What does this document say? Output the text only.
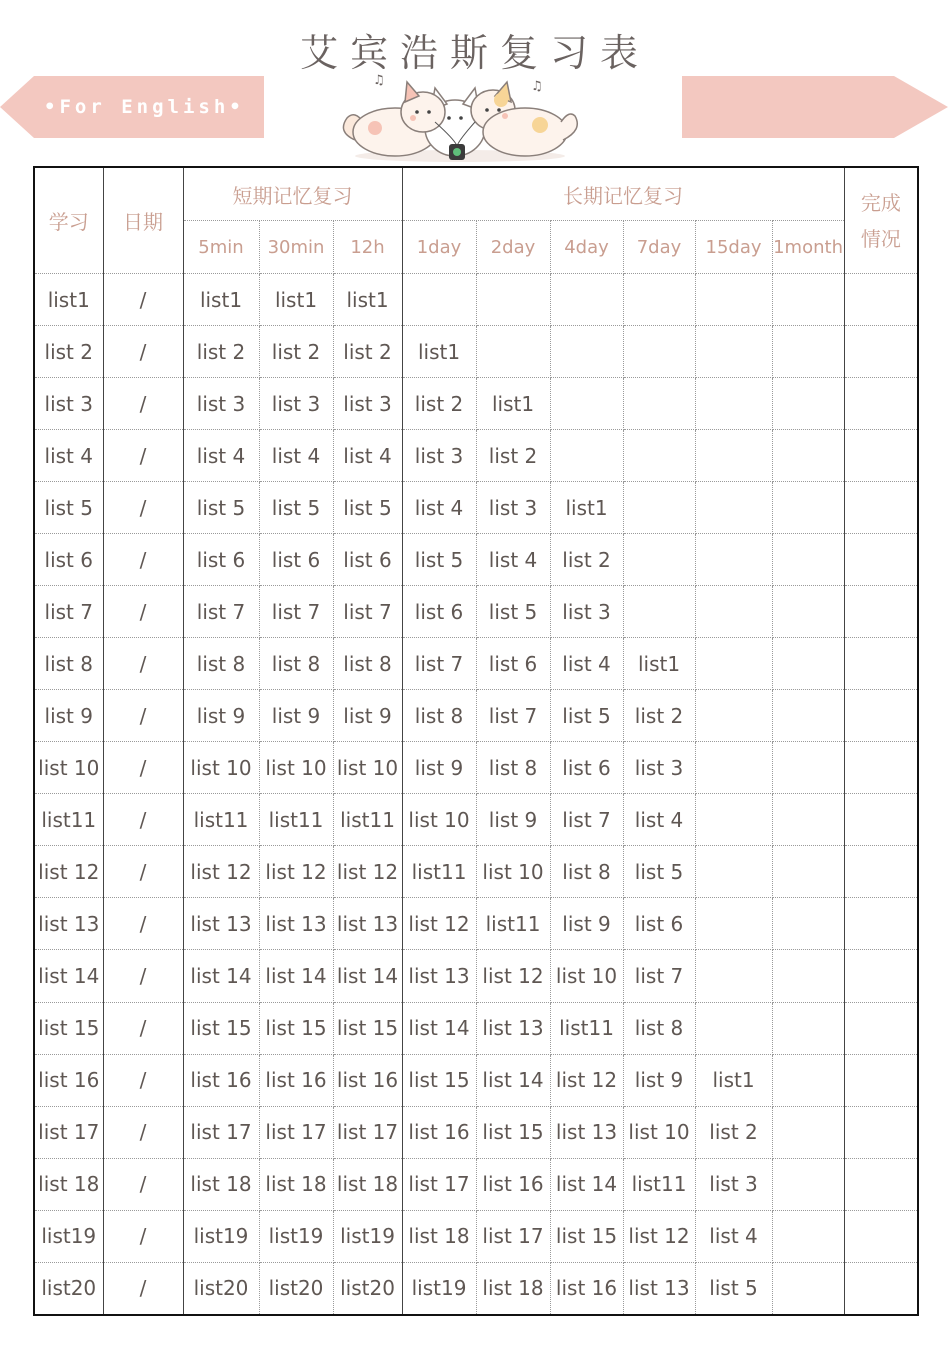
艾宾浩斯复习表
•For English•
♫	♫
学习	日期	短期记忆复习			长期记忆复习						完成情况
		5min	30min	12h	1day	2day	4day	7day	15day	1month	
list1	/	list1	list1	list1							
list 2	/	list 2	list 2	list 2	list1						
list 3	/	list 3	list 3	list 3	list 2	list1					
list 4	/	list 4	list 4	list 4	list 3	list 2					
list 5	/	list 5	list 5	list 5	list 4	list 3	list1				
list 6	/	list 6	list 6	list 6	list 5	list 4	list 2				
list 7	/	list 7	list 7	list 7	list 6	list 5	list 3				
list 8	/	list 8	list 8	list 8	list 7	list 6	list 4	list1			
list 9	/	list 9	list 9	list 9	list 8	list 7	list 5	list 2			
list 10	/	list 10	list 10	list 10	list 9	list 8	list 6	list 3			
list11	/	list11	list11	list11	list 10	list 9	list 7	list 4			
list 12	/	list 12	list 12	list 12	list11	list 10	list 8	list 5			
list 13	/	list 13	list 13	list 13	list 12	list11	list 9	list 6			
list 14	/	list 14	list 14	list 14	list 13	list 12	list 10	list 7			
list 15	/	list 15	list 15	list 15	list 14	list 13	list11	list 8			
list 16	/	list 16	list 16	list 16	list 15	list 14	list 12	list 9	list1		
list 17	/	list 17	list 17	list 17	list 16	list 15	list 13	list 10	list 2		
list 18	/	list 18	list 18	list 18	list 17	list 16	list 14	list11	list 3		
list19	/	list19	list19	list19	list 18	list 17	list 15	list 12	list 4		
list20	/	list20	list20	list20	list19	list 18	list 16	list 13	list 5		
